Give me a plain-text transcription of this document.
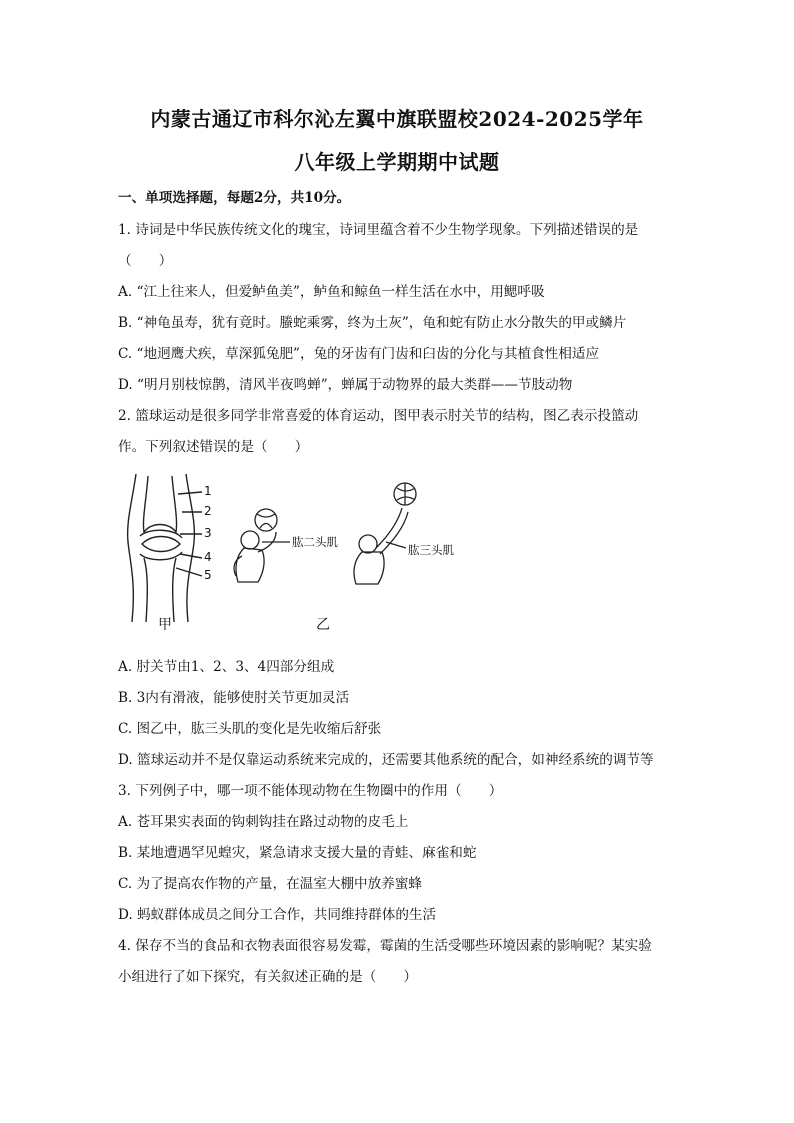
内蒙古通辽市科尔沁左翼中旗联盟校2024-2025学年
八年级上学期期中试题
一、单项选择题，每题2分，共10分。
1. 诗词是中华民族传统文化的瑰宝，诗词里蕴含着不少生物学现象。下列描述错误的是
（　　）
A. “江上往来人，但爱鲈鱼美”，鲈鱼和鲸鱼一样生活在水中，用鳃呼吸
B. “神龟虽寿，犹有竟时。螣蛇乘雾，终为土灰”，龟和蛇有防止水分散失的甲或鳞片
C. “地迥鹰犬疾，草深狐兔肥”，兔的牙齿有门齿和臼齿的分化与其植食性相适应
D. “明月别枝惊鹊，清风半夜鸣蝉”，蝉属于动物界的最大类群——节肢动物
2. 篮球运动是很多同学非常喜爱的体育运动，图甲表示肘关节的结构，图乙表示投篮动
作。下列叙述错误的是（　　）
1
2
3
4
5
肱二头肌
肱三头肌
甲	乙
A. 肘关节由1、2、3、4四部分组成
B. 3内有滑液，能够使肘关节更加灵活
C. 图乙中，肱三头肌的变化是先收缩后舒张
D. 篮球运动并不是仅靠运动系统来完成的，还需要其他系统的配合，如神经系统的调节等
3. 下列例子中，哪一项不能体现动物在生物圈中的作用（　　）
A. 苍耳果实表面的钩刺钩挂在路过动物的皮毛上
B. 某地遭遇罕见蝗灾，紧急请求支援大量的青蛙、麻雀和蛇
C. 为了提高农作物的产量，在温室大棚中放养蜜蜂
D. 蚂蚁群体成员之间分工合作，共同维持群体的生活
4. 保存不当的食品和衣物表面很容易发霉，霉菌的生活受哪些环境因素的影响呢？某实验
小组进行了如下探究，有关叙述正确的是（　　）
